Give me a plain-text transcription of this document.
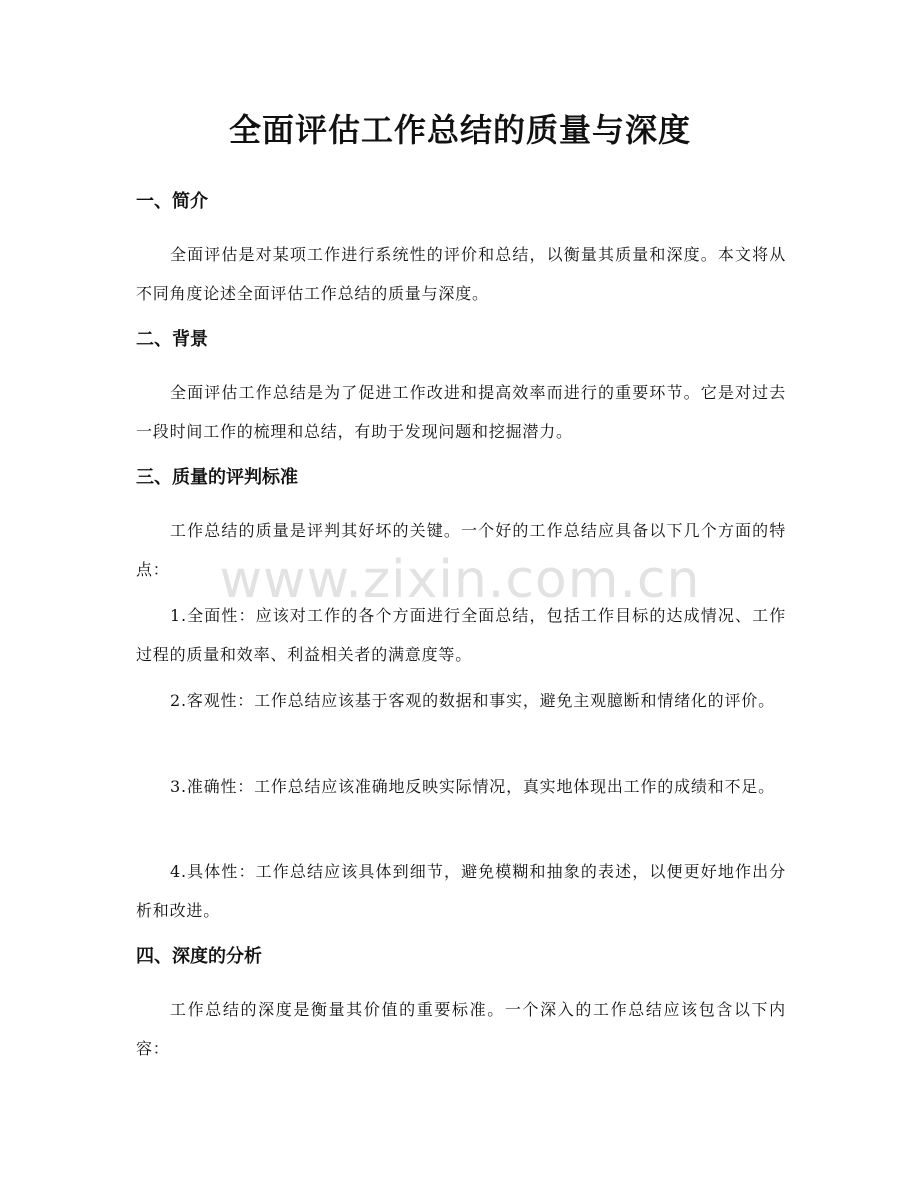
全面评估工作总结的质量与深度
一、简介

全面评估是对某项工作进行系统性的评价和总结，以衡量其质量和深度。本文将从不同角度论述全面评估工作总结的质量与深度。

二、背景

全面评估工作总结是为了促进工作改进和提高效率而进行的重要环节。它是对过去一段时间工作的梳理和总结，有助于发现问题和挖掘潜力。

三、质量的评判标准

工作总结的质量是评判其好坏的关键。一个好的工作总结应具备以下几个方面的特点：

1.全面性：应该对工作的各个方面进行全面总结，包括工作目标的达成情况、工作过程的质量和效率、利益相关者的满意度等。

2.客观性：工作总结应该基于客观的数据和事实，避免主观臆断和情绪化的评价。

3.准确性：工作总结应该准确地反映实际情况，真实地体现出工作的成绩和不足。

4.具体性：工作总结应该具体到细节，避免模糊和抽象的表述，以便更好地作出分析和改进。

四、深度的分析

工作总结的深度是衡量其价值的重要标准。一个深入的工作总结应该包含以下内容：

www.zixin.com.cn
